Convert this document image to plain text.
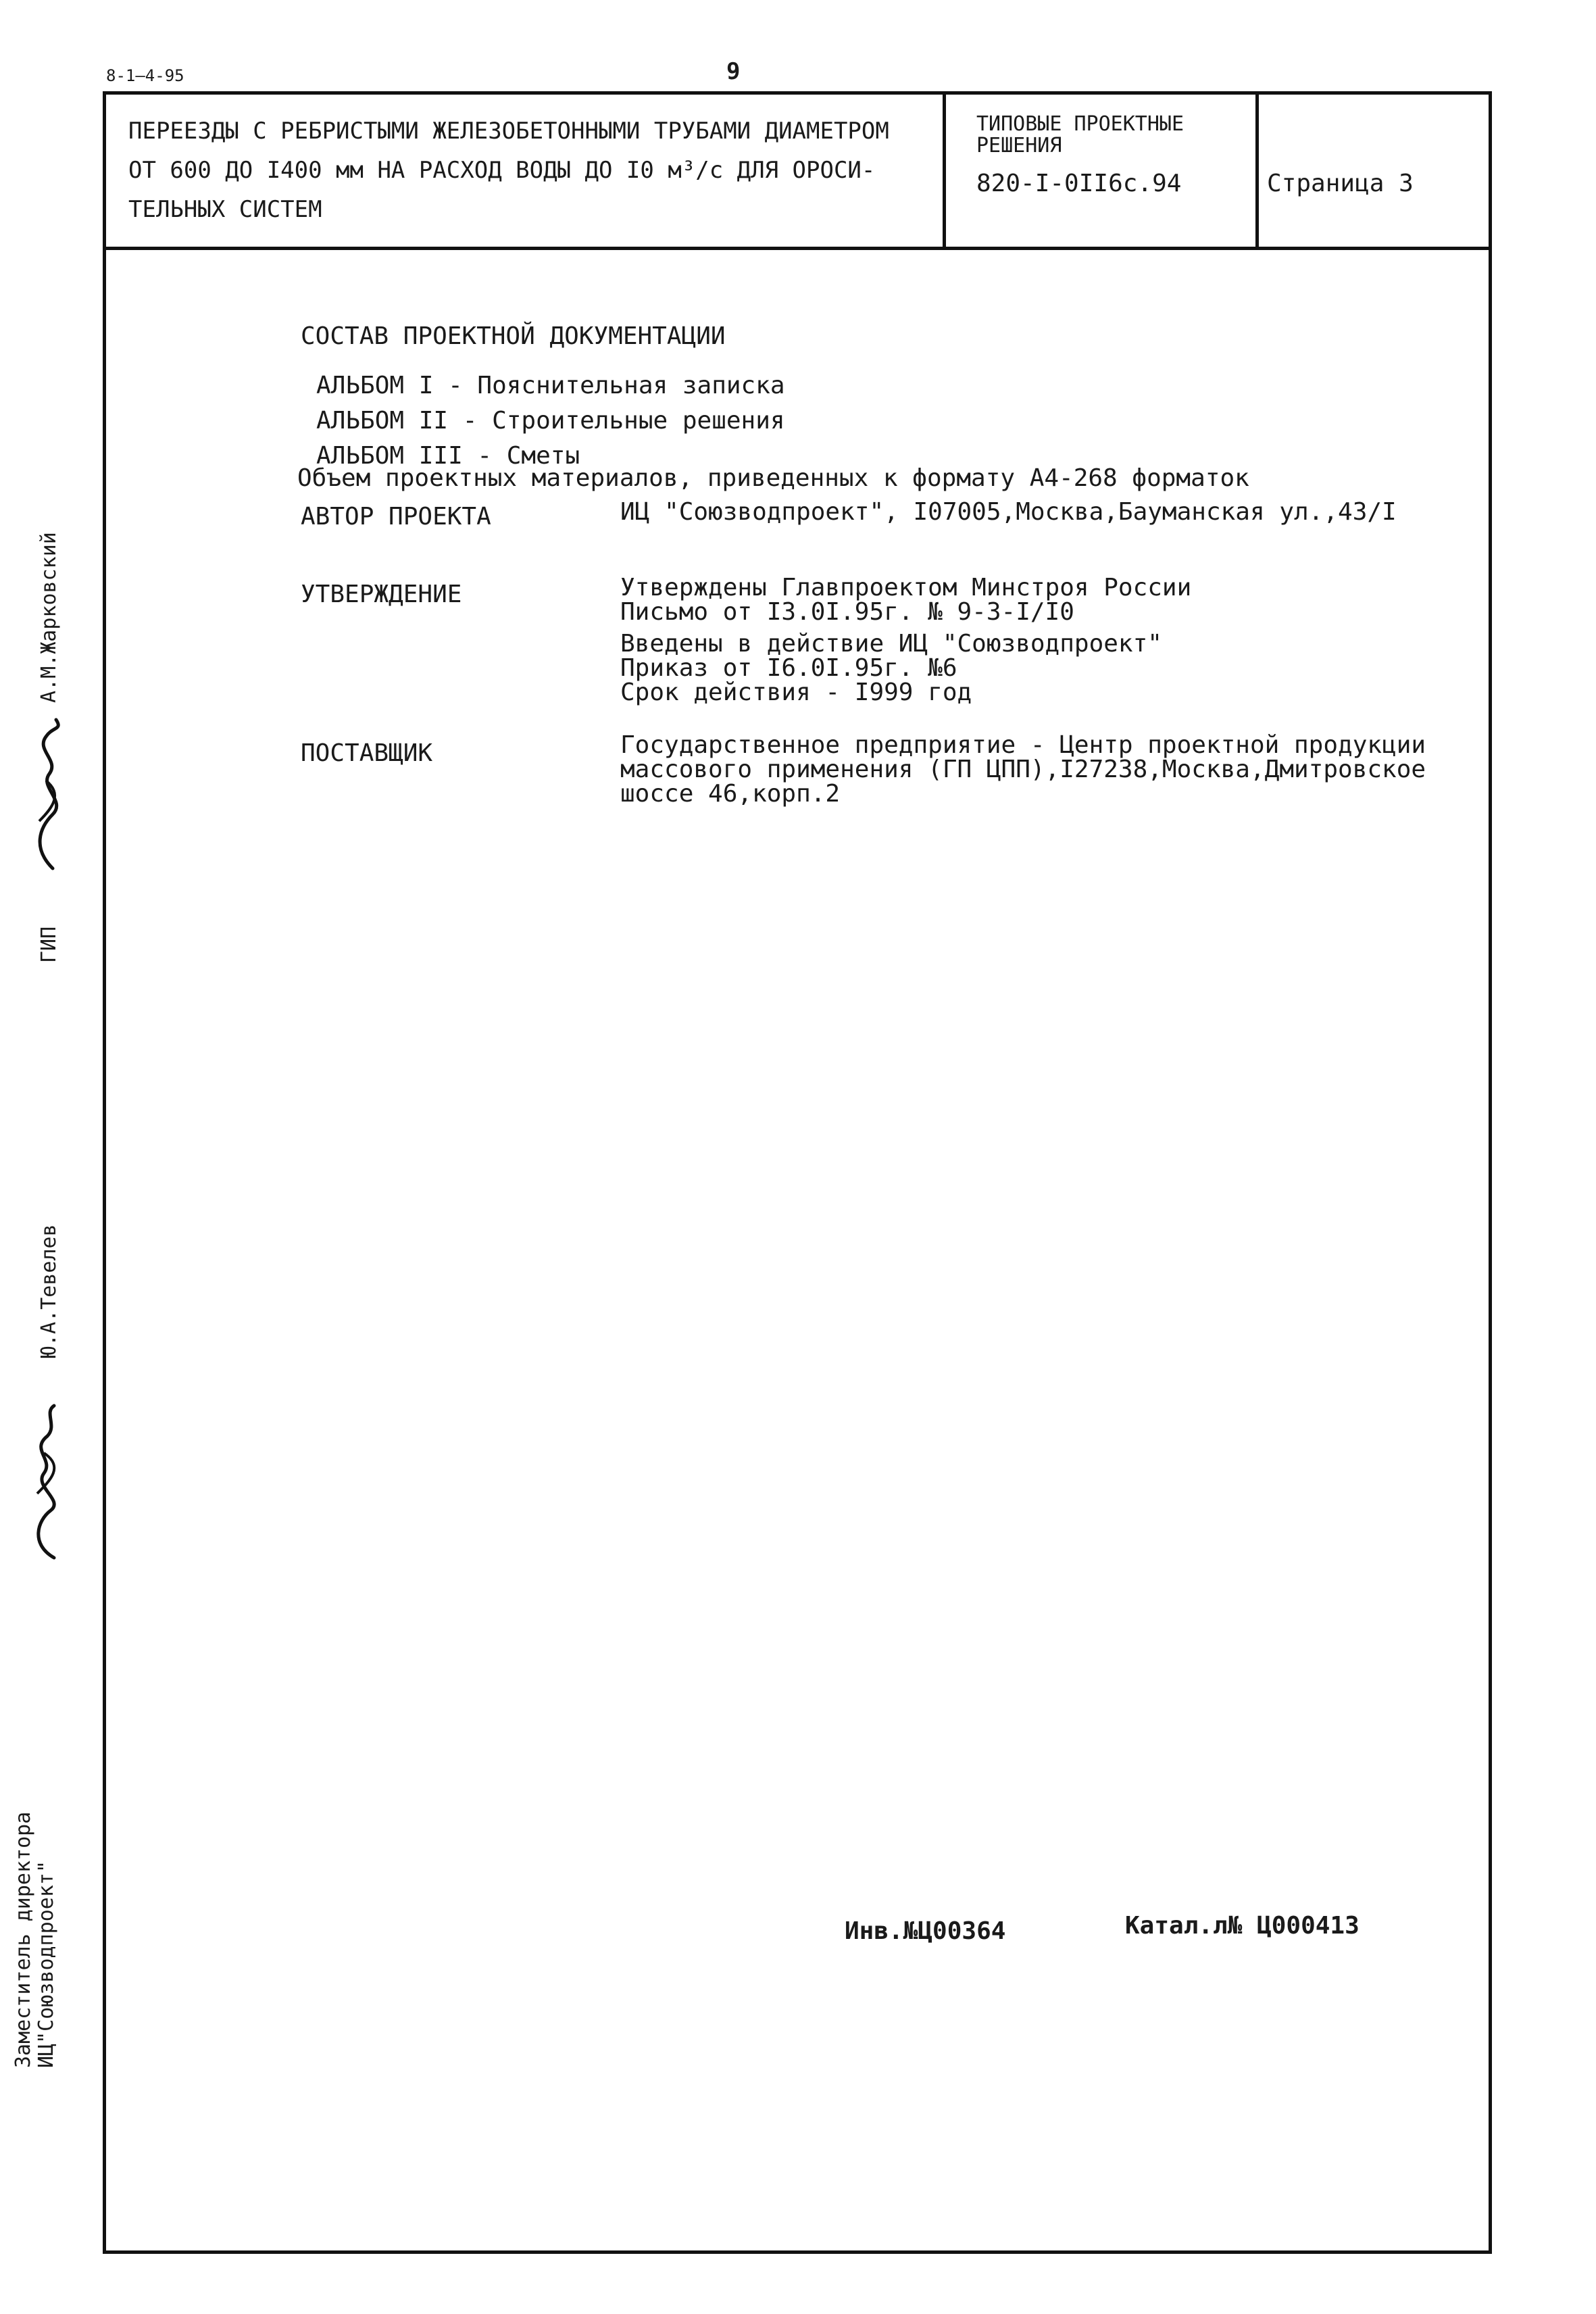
8-1—4-95	9
ПЕРЕЕЗДЫ С РЕБРИСТЫМИ ЖЕЛЕЗОБЕТОННЫМИ ТРУБАМИ ДИАМЕТРОМ
ОТ 600 ДО I400 мм НА РАСХОД ВОДЫ ДО I0 м³/с ДЛЯ ОРОСИ-
ТЕЛЬНЫХ СИСТЕМ
ТИПОВЫЕ ПРОЕКТНЫЕ
РЕШЕНИЯ
820-I-0II6с.94	Страница 3
СОСТАВ ПРОЕКТНОЙ ДОКУМЕНТАЦИИ
АЛЬБОМ I - Пояснительная записка
АЛЬБОМ II - Строительные решения
АЛЬБОМ III - Сметы
Объем проектных материалов, приведенных к формату А4-268 форматок
АВТОР ПРОЕКТА	ИЦ "Союзводпроект", I07005,Москва,Бауманская ул.,43/I
УТВЕРЖДЕНИЕ	Утверждены Главпроектом Минстроя России
Письмо от I3.0I.95г. № 9-3-I/I0
Введены в действие ИЦ "Союзводпроект"
Приказ от I6.0I.95г. №6
Срок действия - I999 год
ПОСТАВЩИК	Государственное предприятие - Центр проектной продукции
массового применения (ГП ЦПП),I27238,Москва,Дмитровское
шоссе 46,корп.2
Инв.№Ц00364	Катал.л№ Ц000413
ГИП
А.М.Жарковский
Ю.А.Тевелев
Заместитель директора ИЦ"Союзводпроект"
